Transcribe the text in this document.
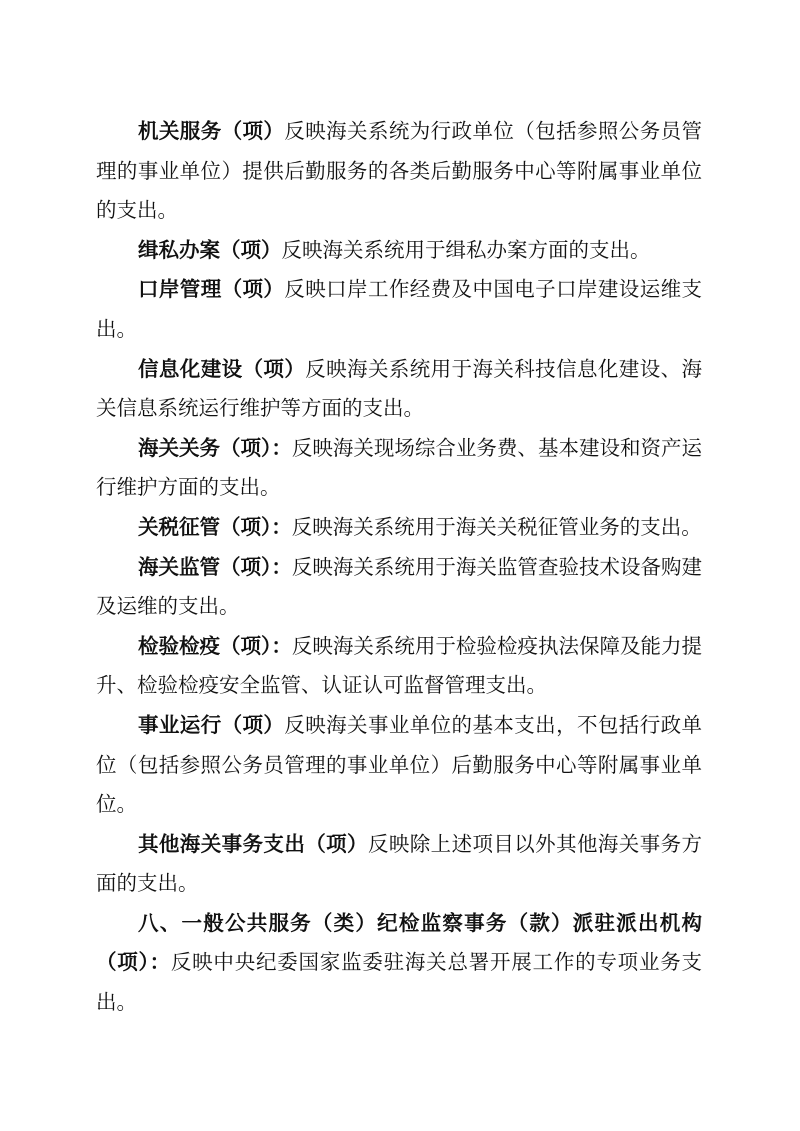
机关服务（项）反映海关系统为行政单位（包括参照公务员管理的事业单位）提供后勤服务的各类后勤服务中心等附属事业单位的支出。

缉私办案（项）反映海关系统用于缉私办案方面的支出。

口岸管理（项）反映口岸工作经费及中国电子口岸建设运维支出。

信息化建设（项）反映海关系统用于海关科技信息化建设、海关信息系统运行维护等方面的支出。

海关关务（项）：反映海关现场综合业务费、基本建设和资产运行维护方面的支出。

关税征管（项）：反映海关系统用于海关关税征管业务的支出。

海关监管（项）：反映海关系统用于海关监管查验技术设备购建及运维的支出。

检验检疫（项）：反映海关系统用于检验检疫执法保障及能力提升、检验检疫安全监管、认证认可监督管理支出。

事业运行（项）反映海关事业单位的基本支出，不包括行政单位（包括参照公务员管理的事业单位）后勤服务中心等附属事业单位。

其他海关事务支出（项）反映除上述项目以外其他海关事务方面的支出。

八、一般公共服务（类）纪检监察事务（款）派驻派出机构（项）：反映中央纪委国家监委驻海关总署开展工作的专项业务支出。
